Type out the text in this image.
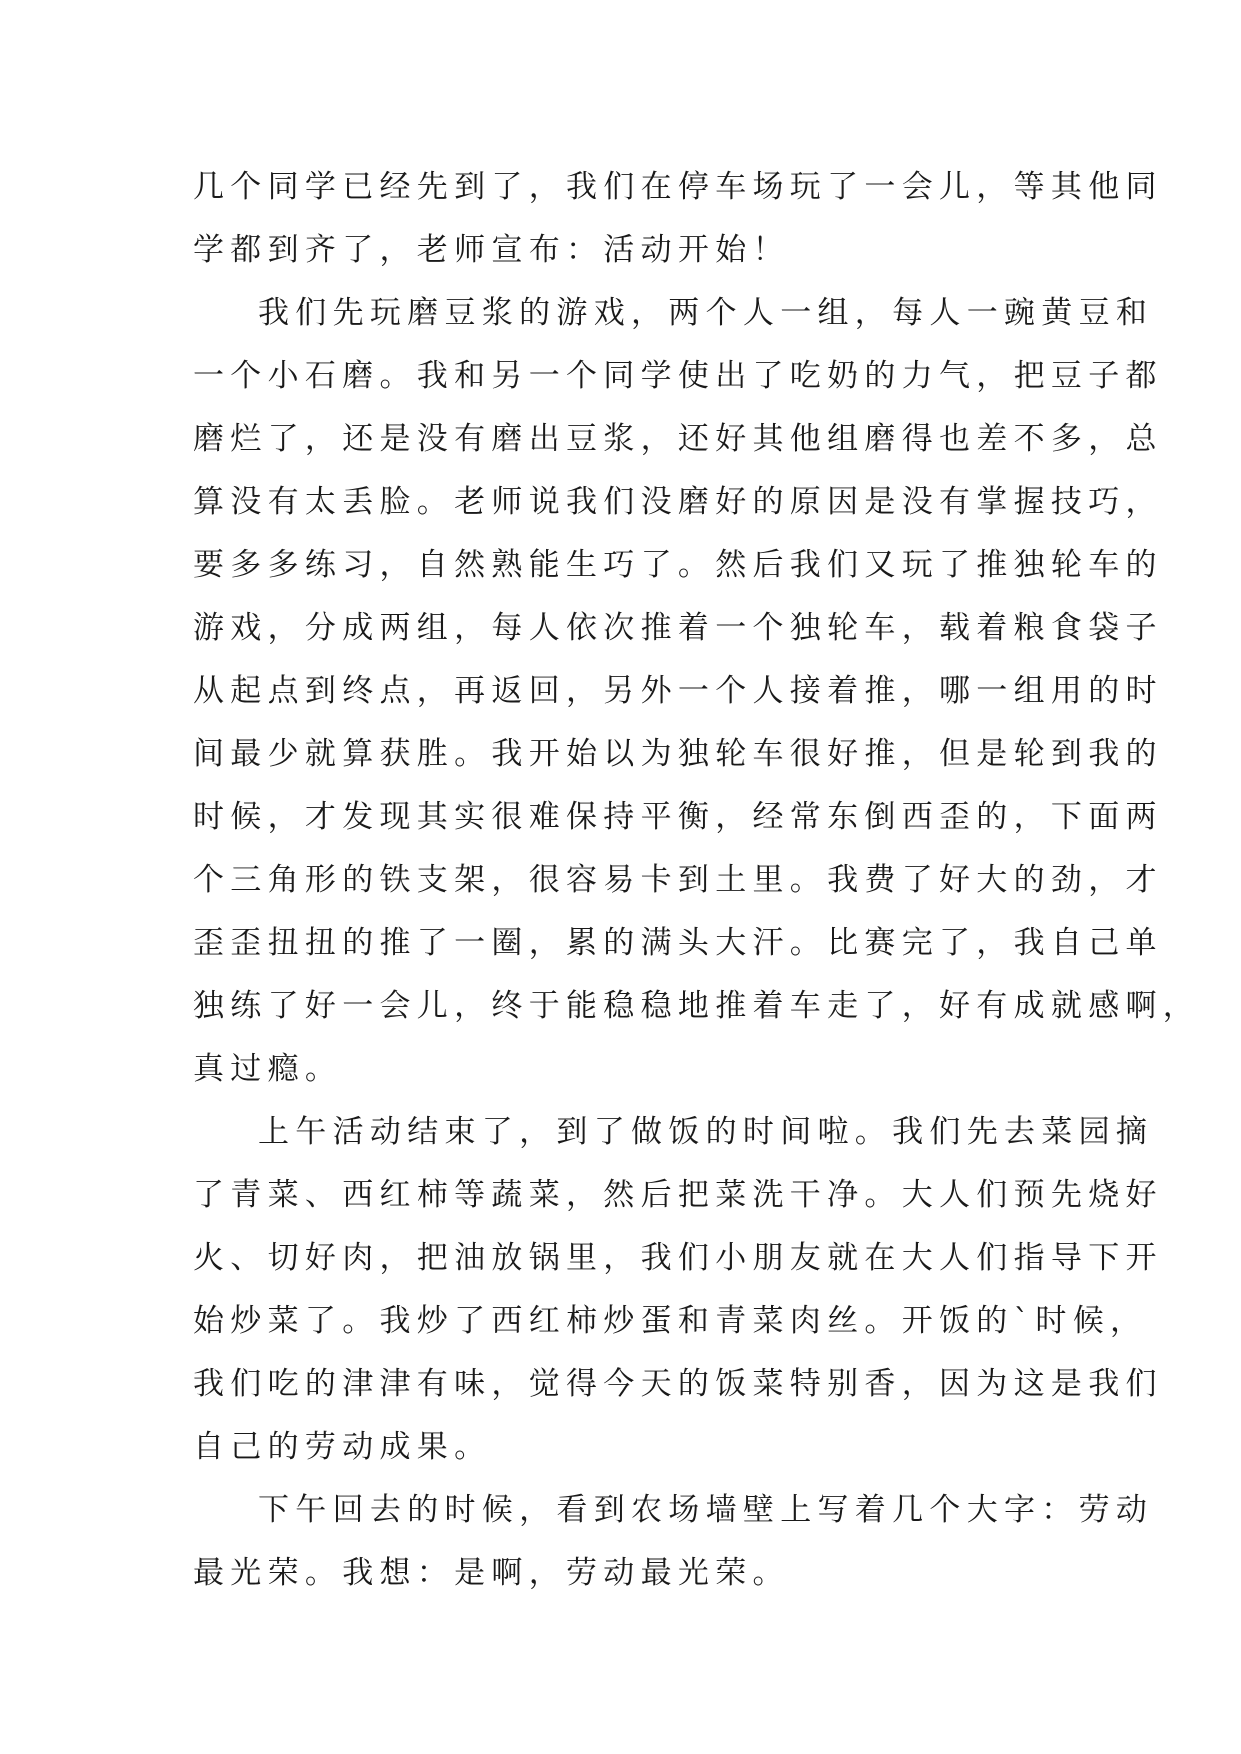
几个同学已经先到了，我们在停车场玩了一会儿，等其他同
学都到齐了，老师宣布：活动开始！
我们先玩磨豆浆的游戏，两个人一组，每人一豌黄豆和
一个小石磨。我和另一个同学使出了吃奶的力气，把豆子都
磨烂了，还是没有磨出豆浆，还好其他组磨得也差不多，总
算没有太丢脸。老师说我们没磨好的原因是没有掌握技巧，
要多多练习，自然熟能生巧了。然后我们又玩了推独轮车的
游戏，分成两组，每人依次推着一个独轮车，载着粮食袋子
从起点到终点，再返回，另外一个人接着推，哪一组用的时
间最少就算获胜。我开始以为独轮车很好推，但是轮到我的
时候，才发现其实很难保持平衡，经常东倒西歪的，下面两
个三角形的铁支架，很容易卡到土里。我费了好大的劲，才
歪歪扭扭的推了一圈，累的满头大汗。比赛完了，我自己单
独练了好一会儿，终于能稳稳地推着车走了，好有成就感啊，
真过瘾。
上午活动结束了，到了做饭的时间啦。我们先去菜园摘
了青菜、西红柿等蔬菜，然后把菜洗干净。大人们预先烧好
火、切好肉，把油放锅里，我们小朋友就在大人们指导下开
始炒菜了。我炒了西红柿炒蛋和青菜肉丝。开饭的`时候，
我们吃的津津有味，觉得今天的饭菜特别香，因为这是我们
自己的劳动成果。
下午回去的时候，看到农场墙壁上写着几个大字：劳动
最光荣。我想：是啊，劳动最光荣。
